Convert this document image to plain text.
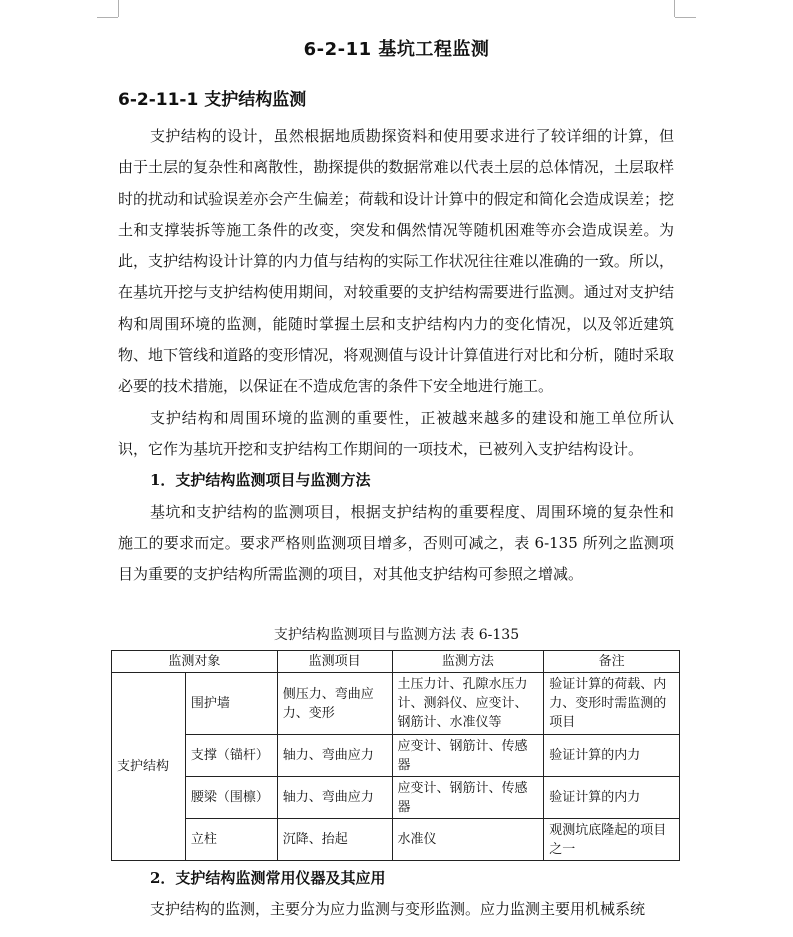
6-2-11 基坑工程监测
6-2-11-1 支护结构监测

支护结构的设计，虽然根据地质勘探资料和使用要求进行了较详细的计算，但由于土层的复杂性和离散性，勘探提供的数据常难以代表土层的总体情况，土层取样时的扰动和试验误差亦会产生偏差；荷载和设计计算中的假定和简化会造成误差；挖土和支撑装拆等施工条件的改变，突发和偶然情况等随机困难等亦会造成误差。为此，支护结构设计计算的内力值与结构的实际工作状况往往难以准确的一致。所以，在基坑开挖与支护结构使用期间，对较重要的支护结构需要进行监测。通过对支护结构和周围环境的监测，能随时掌握土层和支护结构内力的变化情况，以及邻近建筑物、地下管线和道路的变形情况，将观测值与设计计算值进行对比和分析，随时采取必要的技术措施，以保证在不造成危害的条件下安全地进行施工。

支护结构和周围环境的监测的重要性，正被越来越多的建设和施工单位所认识，它作为基坑开挖和支护结构工作期间的一项技术，已被列入支护结构设计。

1．支护结构监测项目与监测方法

基坑和支护结构的监测项目，根据支护结构的重要程度、周围环境的复杂性和施工的要求而定。要求严格则监测项目增多，否则可减之，表 6-135 所列之监测项目为重要的支护结构所需监测的项目，对其他支护结构可参照之增减。

支护结构监测项目与监测方法 表 6-135
监测对象		监测项目	监测方法	备注
支护结构	围护墙	侧压力、弯曲应力、变形	土压力计、孔隙水压力计、测斜仪、应变计、钢筋计、水准仪等	验证计算的荷载、内力、变形时需监测的项目
	支撑（锚杆）	轴力、弯曲应力	应变计、钢筋计、传感器	验证计算的内力
	腰梁（围檩）	轴力、弯曲应力	应变计、钢筋计、传感器	验证计算的内力
	立柱	沉降、抬起	水准仪	观测坑底隆起的项目之一

2．支护结构监测常用仪器及其应用

支护结构的监测，主要分为应力监测与变形监测。应力监测主要用机械系统
